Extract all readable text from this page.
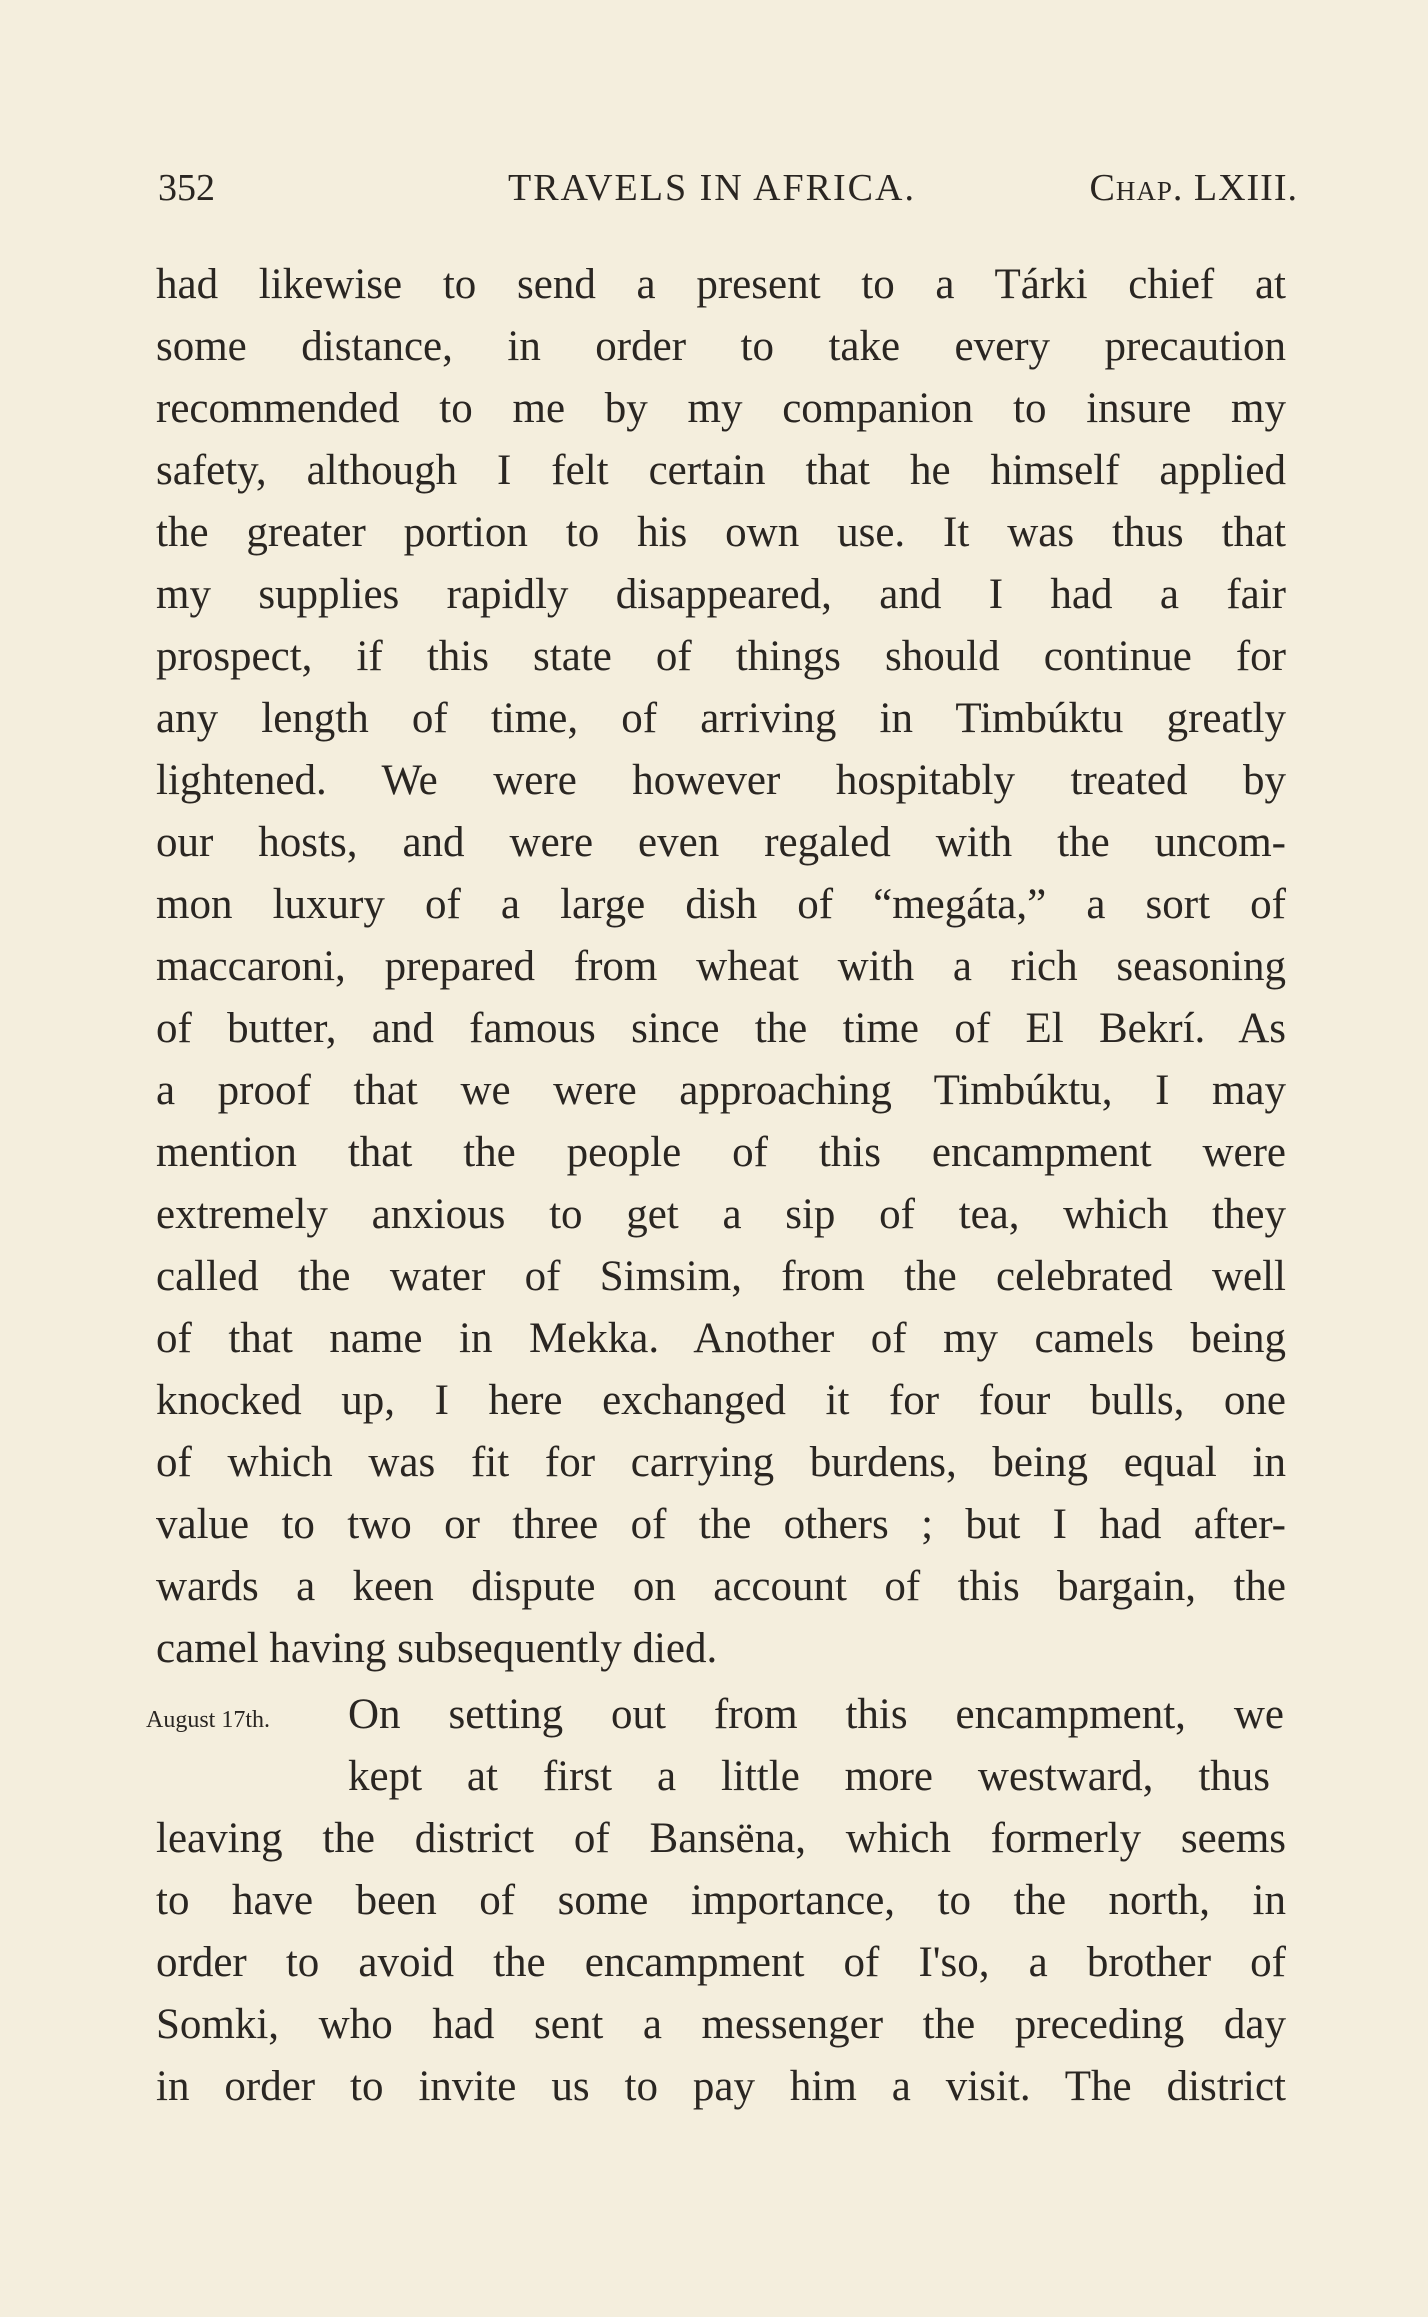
352	TRAVELS IN AFRICA.	Chap. LXIII.
August 17th.
had likewise to send a present to a Tárki chief at
some distance, in order to take every precaution
recommended to me by my companion to insure my
safety, although I felt certain that he himself applied
the greater portion to his own use. It was thus that
my supplies rapidly disappeared, and I had a fair
prospect, if this state of things should continue for
any length of time, of arriving in Timbúktu greatly
lightened. We were however hospitably treated by
our hosts, and were even regaled with the uncom-
mon luxury of a large dish of “megáta,” a sort of
maccaroni, prepared from wheat with a rich seasoning
of butter, and famous since the time of El Bekrí. As
a proof that we were approaching Timbúktu, I may
mention that the people of this encampment were
extremely anxious to get a sip of tea, which they
called the water of Simsim, from the celebrated well
of that name in Mekka. Another of my camels being
knocked up, I here exchanged it for four bulls, one
of which was fit for carrying burdens, being equal in
value to two or three of the others ; but I had after-
wards a keen dispute on account of this bargain, the
camel having subsequently died.
On setting out from this encampment, we
kept at first a little more westward, thus
leaving the district of Bansëna, which formerly seems
to have been of some importance, to the north, in
order to avoid the encampment of I'so, a brother of
Somki, who had sent a messenger the preceding day
in order to invite us to pay him a visit. The district
